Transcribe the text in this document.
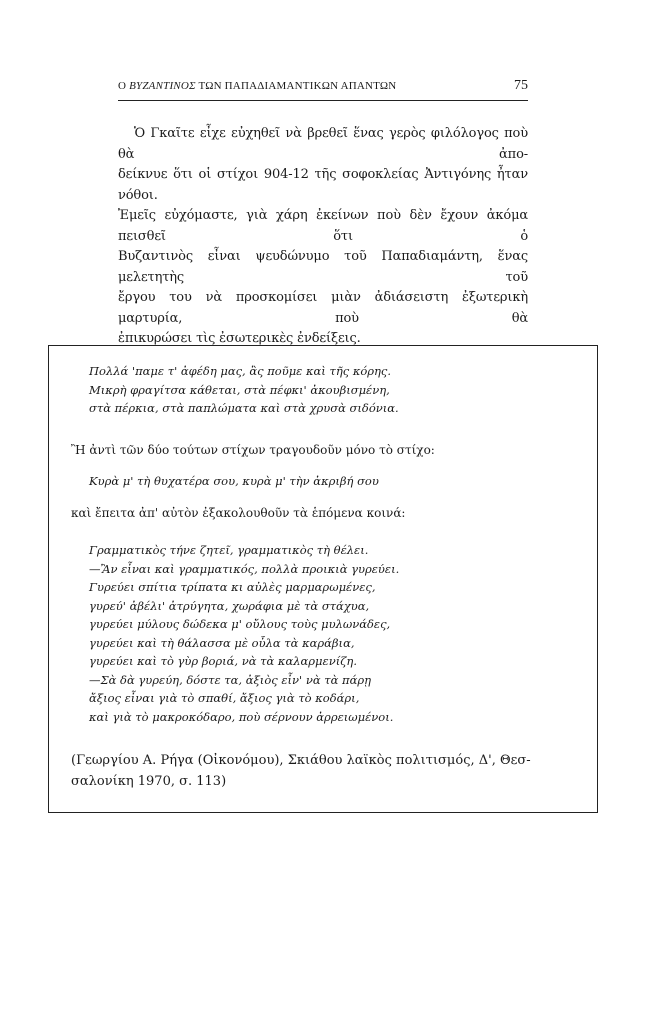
Ο ΒΥΖΑΝΤΙΝΟΣ ΤΩΝ ΠΑΠΑΔΙΑΜΑΝΤΙΚΩΝ ΑΠΑΝΤΩΝ	75
Ὁ Γκαῖτε εἶχε εὐχηθεῖ νὰ βρεθεῖ ἕνας γερὸς φιλόλογος ποὺ θὰ ἀπο-
δείκνυε ὅτι οἱ στίχοι 904-12 τῆς σοφοκλείας Ἀντιγόνης ἦταν νόθοι.
Ἐμεῖς εὐχόμαστε, γιὰ χάρη ἐκείνων ποὺ δὲν ἔχουν ἀκόμα πεισθεῖ ὅτι ὁ
Βυζαντινὸς εἶναι ψευδώνυμο τοῦ Παπαδιαμάντη, ἕνας μελετητὴς τοῦ
ἔργου του νὰ προσκομίσει μιὰν ἀδιάσειστη ἐξωτερικὴ μαρτυρία, ποὺ θὰ
ἐπικυρώσει τὶς ἐσωτερικὲς ἐνδείξεις.
Πολλά 'παμε τ' ἀφέδη μας, ἂς ποῦμε καὶ τῆς κόρης.
Μικρὴ φραγίτσα κάθεται, στὰ πέφκι' ἀκουβισμένη,
στὰ πέρκια, στὰ παπλώματα καὶ στὰ χρυσὰ σιδόνια.
Ἢ ἀντὶ τῶν δύο τούτων στίχων τραγουδοῦν μόνο τὸ στίχο:
Κυρὰ μ' τὴ θυχατέρα σου, κυρὰ μ' τὴν ἀκριβή σου
καὶ ἔπειτα ἀπ' αὐτὸν ἐξακολουθοῦν τὰ ἑπόμενα κοινά:
Γραμματικὸς τήνε ζητεῖ, γραμματικὸς τὴ θέλει.
—Ἂν εἶναι καὶ γραμματικός, πολλὰ προικιὰ γυρεύει.
Γυρεύει σπίτια τρίπατα κι αὐλὲς μαρμαρωμένες,
γυρεύ' ἀβέλι' ἀτρύγητα, χωράφια μὲ τὰ στάχυα,
γυρεύει μύλους δώδεκα μ' οὔλους τοὺς μυλωνάδες,
γυρεύει καὶ τὴ θάλασσα μὲ οὖλα τὰ καράβια,
γυρεύει καὶ τὸ γὺρ βοριά, νὰ τὰ καλαρμενίζη.
—Σὰ δὰ γυρεύη, δόστε τα, ἀξιὸς εἶν' νὰ τὰ πάρῃ
ἄξιος εἶναι γιὰ τὸ σπαθί, ἄξιος γιὰ τὸ κοδάρι,
καὶ γιὰ τὸ μακροκόδαρο, ποὺ σέρνουν ἀρρειωμένοι.
(Γεωργίου Α. Ρήγα (Οἰκονόμου), Σκιάθου λαϊκὸς πολιτισμός, Δ', Θεσ-
σαλονίκη 1970, σ. 113)
